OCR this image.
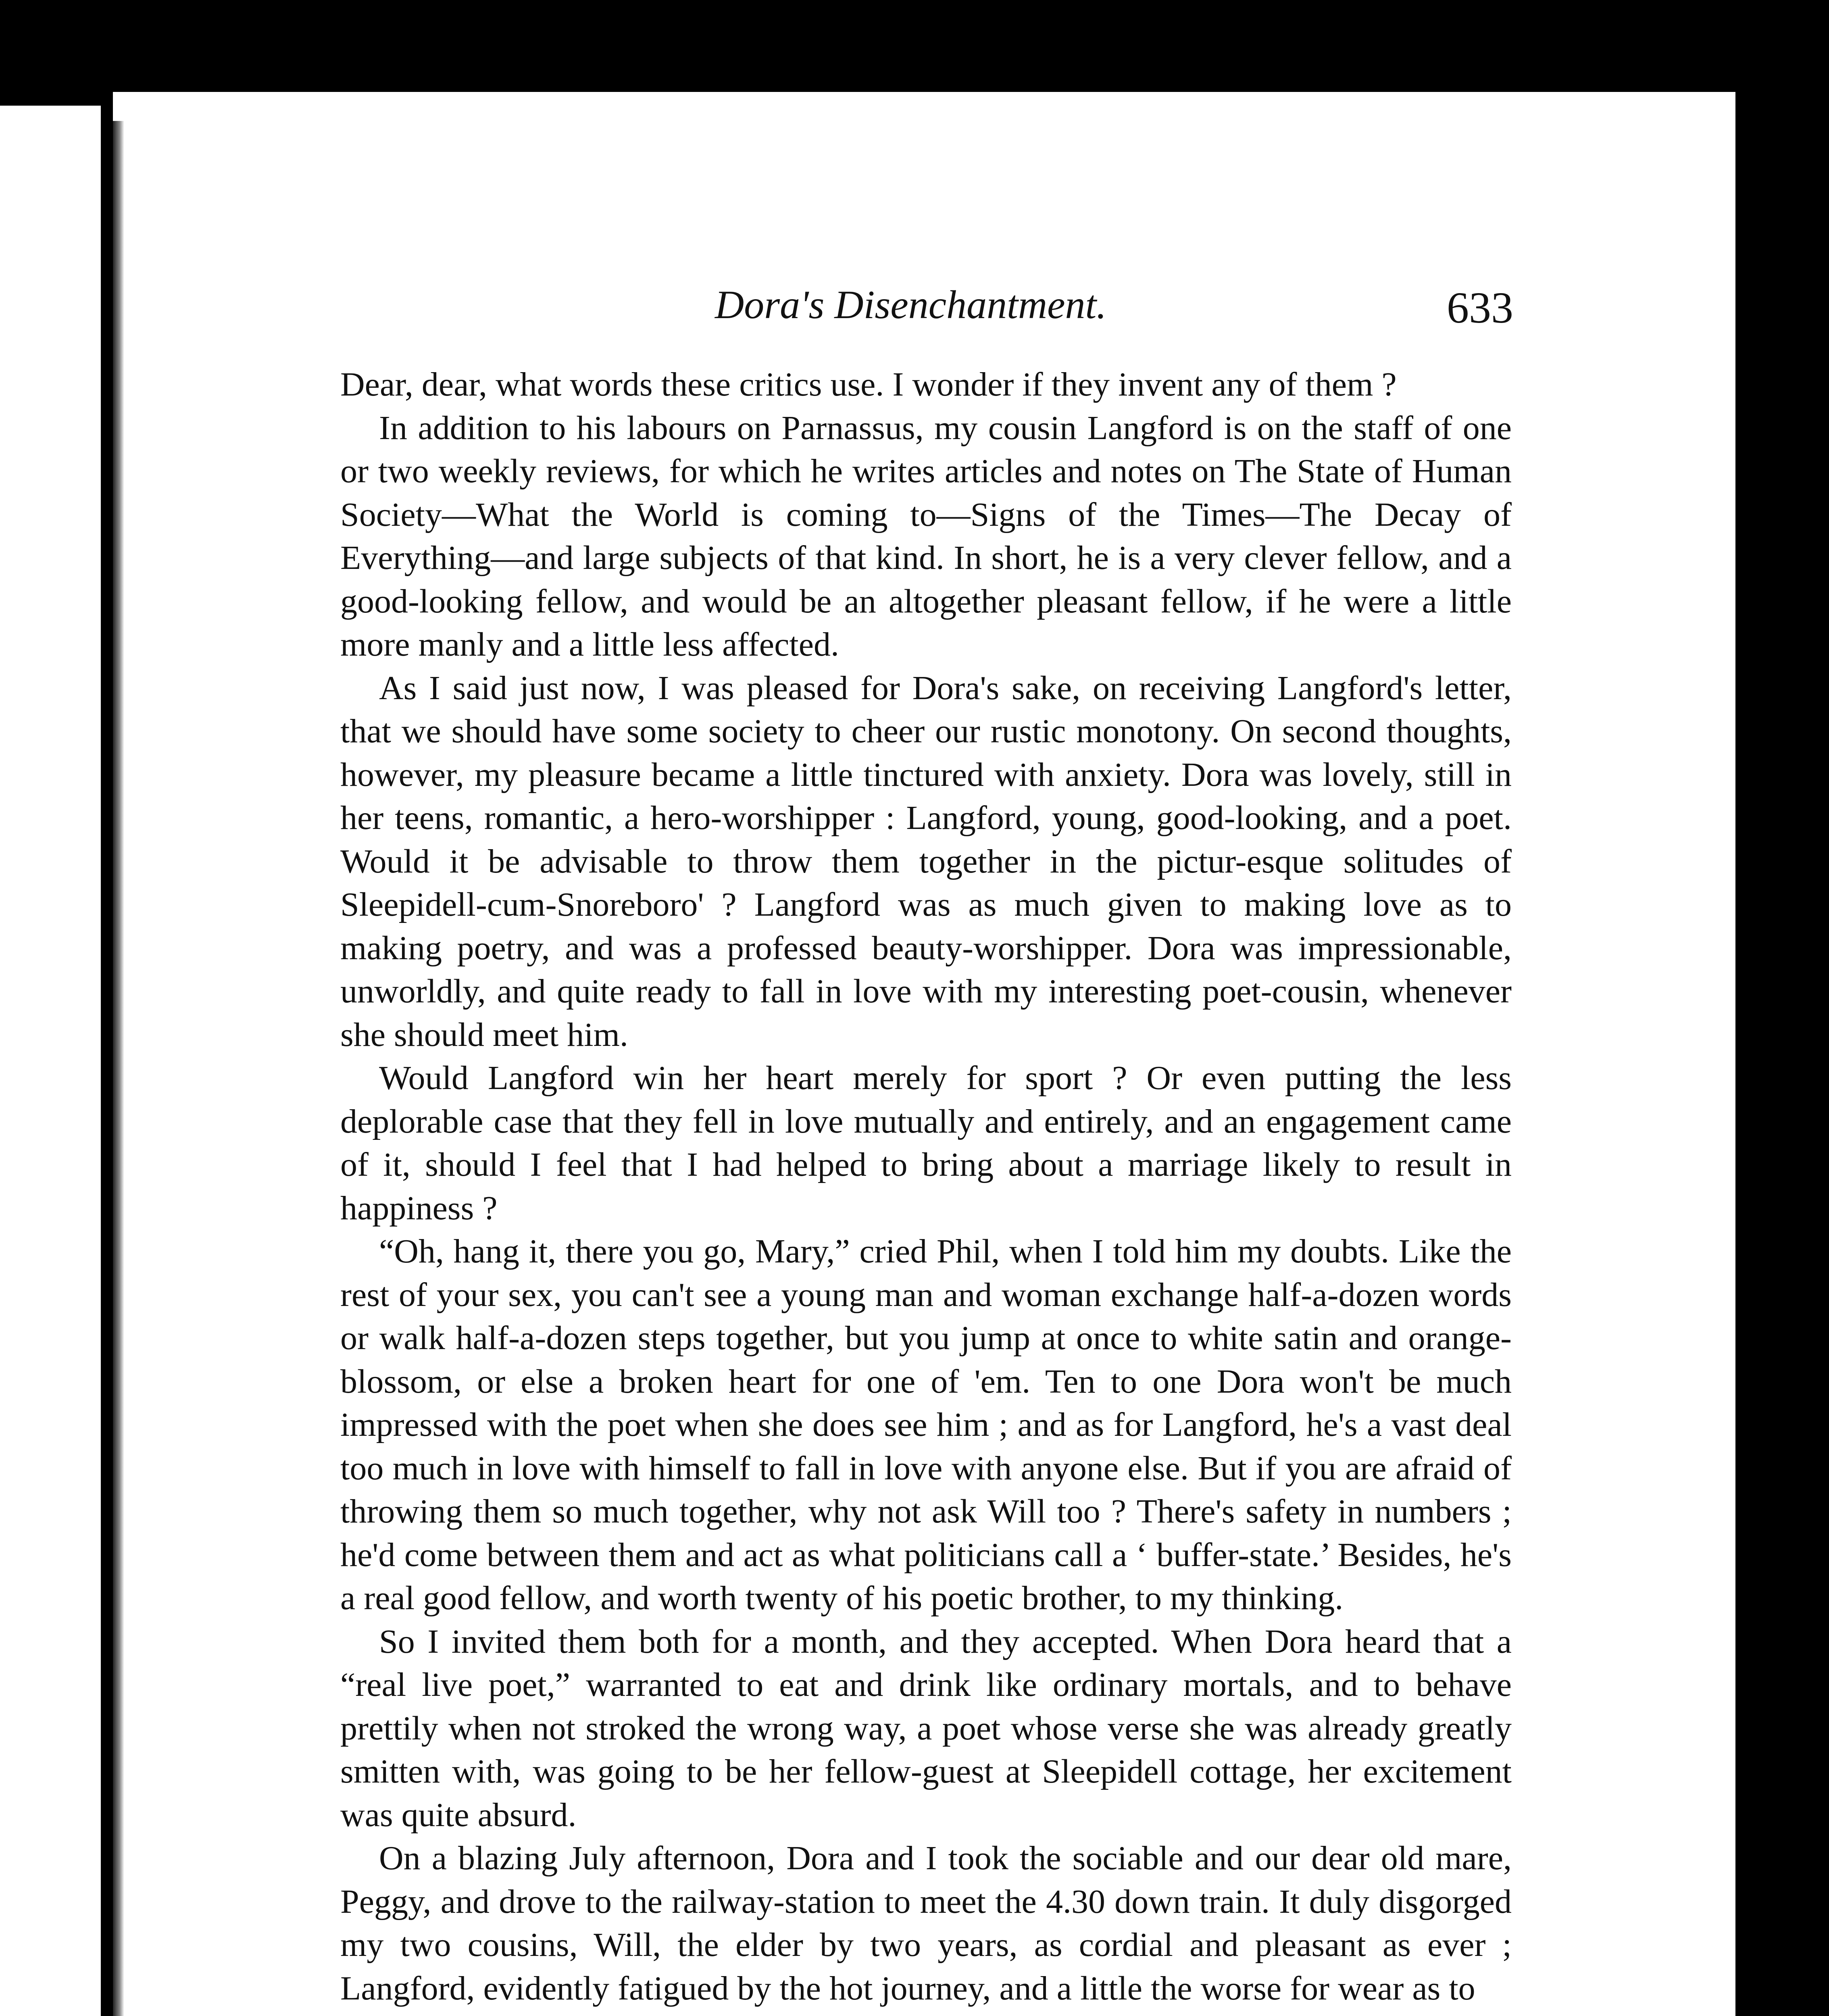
Dora's Disenchantment.	633

Dear, dear, what words these critics use. I wonder if they invent any of them ?

In addition to his labours on Parnassus, my cousin Langford is on the staff of one or two weekly reviews, for which he writes articles and notes on The State of Human Society—What the World is coming to—Signs of the Times—The Decay of Everything—and large subjects of that kind. In short, he is a very clever fellow, and a good-looking fellow, and would be an altogether pleasant fellow, if he were a little more manly and a little less affected.

As I said just now, I was pleased for Dora's sake, on receiving Langford's letter, that we should have some society to cheer our rustic monotony. On second thoughts, however, my pleasure became a little tinctured with anxiety. Dora was lovely, still in her teens, romantic, a hero-worshipper : Langford, young, good-looking, and a poet. Would it be advisable to throw them together in the pictur-esque solitudes of Sleepidell-cum-Snoreboro' ? Langford was as much given to making love as to making poetry, and was a professed beauty-worshipper. Dora was impressionable, unworldly, and quite ready to fall in love with my interesting poet-cousin, whenever she should meet him.

Would Langford win her heart merely for sport ? Or even putting the less deplorable case that they fell in love mutually and entirely, and an engagement came of it, should I feel that I had helped to bring about a marriage likely to result in happiness ?

“Oh, hang it, there you go, Mary,” cried Phil, when I told him my doubts. Like the rest of your sex, you can't see a young man and woman exchange half-a-dozen words or walk half-a-dozen steps together, but you jump at once to white satin and orange-blossom, or else a broken heart for one of 'em. Ten to one Dora won't be much impressed with the poet when she does see him ; and as for Langford, he's a vast deal too much in love with himself to fall in love with anyone else. But if you are afraid of throwing them so much together, why not ask Will too ? There's safety in numbers ; he'd come between them and act as what politicians call a ‘ buffer-state.’ Besides, he's a real good fellow, and worth twenty of his poetic brother, to my thinking.

So I invited them both for a month, and they accepted. When Dora heard that a “real live poet,” warranted to eat and drink like ordinary mortals, and to behave prettily when not stroked the wrong way, a poet whose verse she was already greatly smitten with, was going to be her fellow-guest at Sleepidell cottage, her excitement was quite absurd.

On a blazing July afternoon, Dora and I took the sociable and our dear old mare, Peggy, and drove to the railway-station to meet the 4.30 down train. It duly disgorged my two cousins, Will, the elder by two years, as cordial and pleasant as ever ; Langford, evidently fatigued by the hot journey, and a little the worse for wear as to
